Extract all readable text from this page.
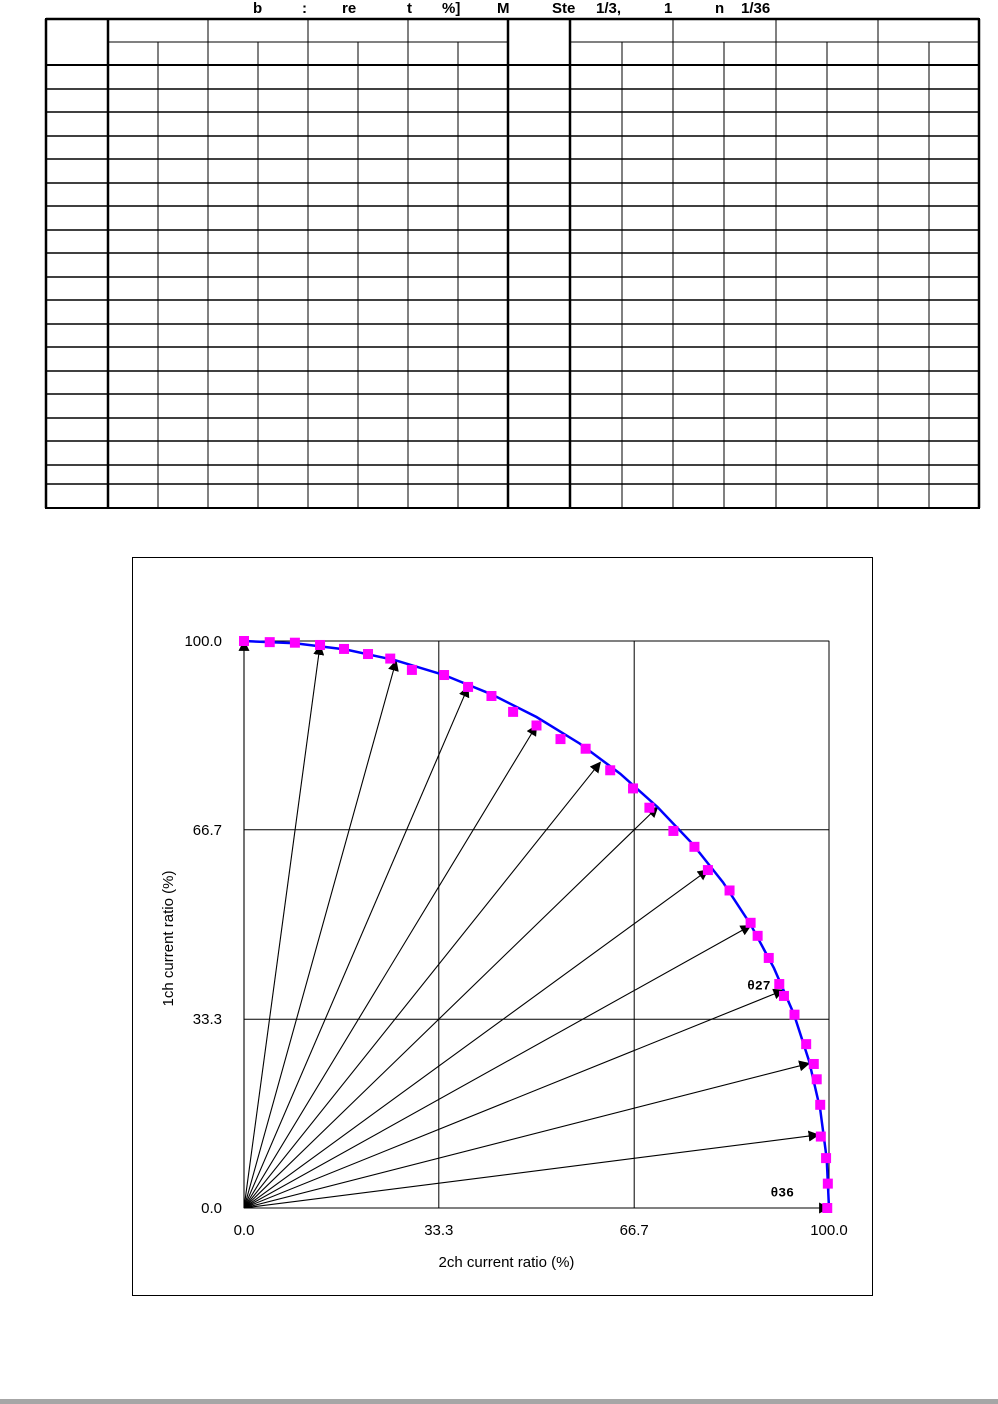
b	: re	t %] M	Ste 1/3,	1	n 1/36
0.0	33.3	66.7	100.0
0.0
33.3
66.7
100.0
2ch current ratio (%)
1ch current ratio (%)	θ27
θ36
